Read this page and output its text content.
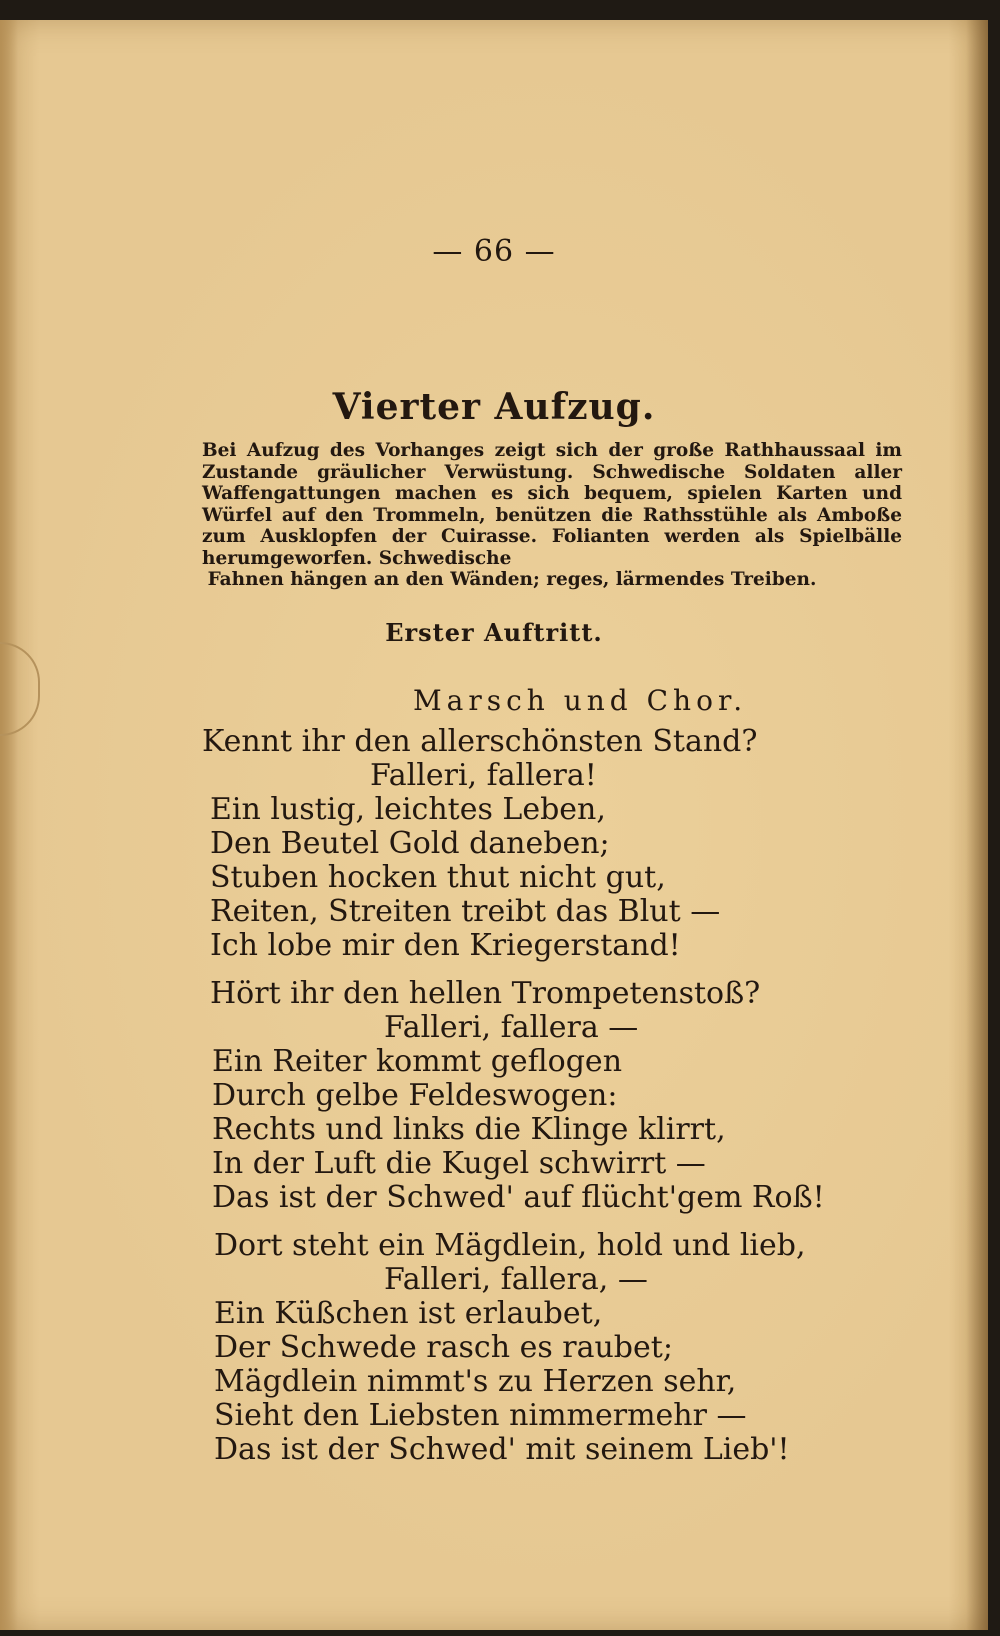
— 66 —
Vierter Aufzug.
Bei Aufzug des Vorhanges zeigt sich der große Rathhaussaal im Zustande gräulicher Verwüstung. Schwedische Soldaten aller Waffengattungen machen es sich bequem, spielen Karten und Würfel auf den Trommeln, benützen die Rathsstühle als Amboße zum Ausklopfen der Cuirasse. Folianten werden als Spielbälle herumgeworfen. Schwedische
Fahnen hängen an den Wänden; reges, lärmendes Treiben.
Erster Auftritt.
Marsch und Chor.
Kennt ihr den allerschönsten Stand?
Falleri, fallera!
Ein lustig, leichtes Leben,
Den Beutel Gold daneben;
Stuben hocken thut nicht gut,
Reiten, Streiten treibt das Blut —
Ich lobe mir den Kriegerstand!
Hört ihr den hellen Trompetenstoß?
Falleri, fallera —
Ein Reiter kommt geflogen
Durch gelbe Feldeswogen:
Rechts und links die Klinge klirrt,
In der Luft die Kugel schwirrt —
Das ist der Schwed' auf flücht'gem Roß!
Dort steht ein Mägdlein, hold und lieb,
Falleri, fallera, —
Ein Küßchen ist erlaubet,
Der Schwede rasch es raubet;
Mägdlein nimmt's zu Herzen sehr,
Sieht den Liebsten nimmermehr —
Das ist der Schwed' mit seinem Lieb'!
